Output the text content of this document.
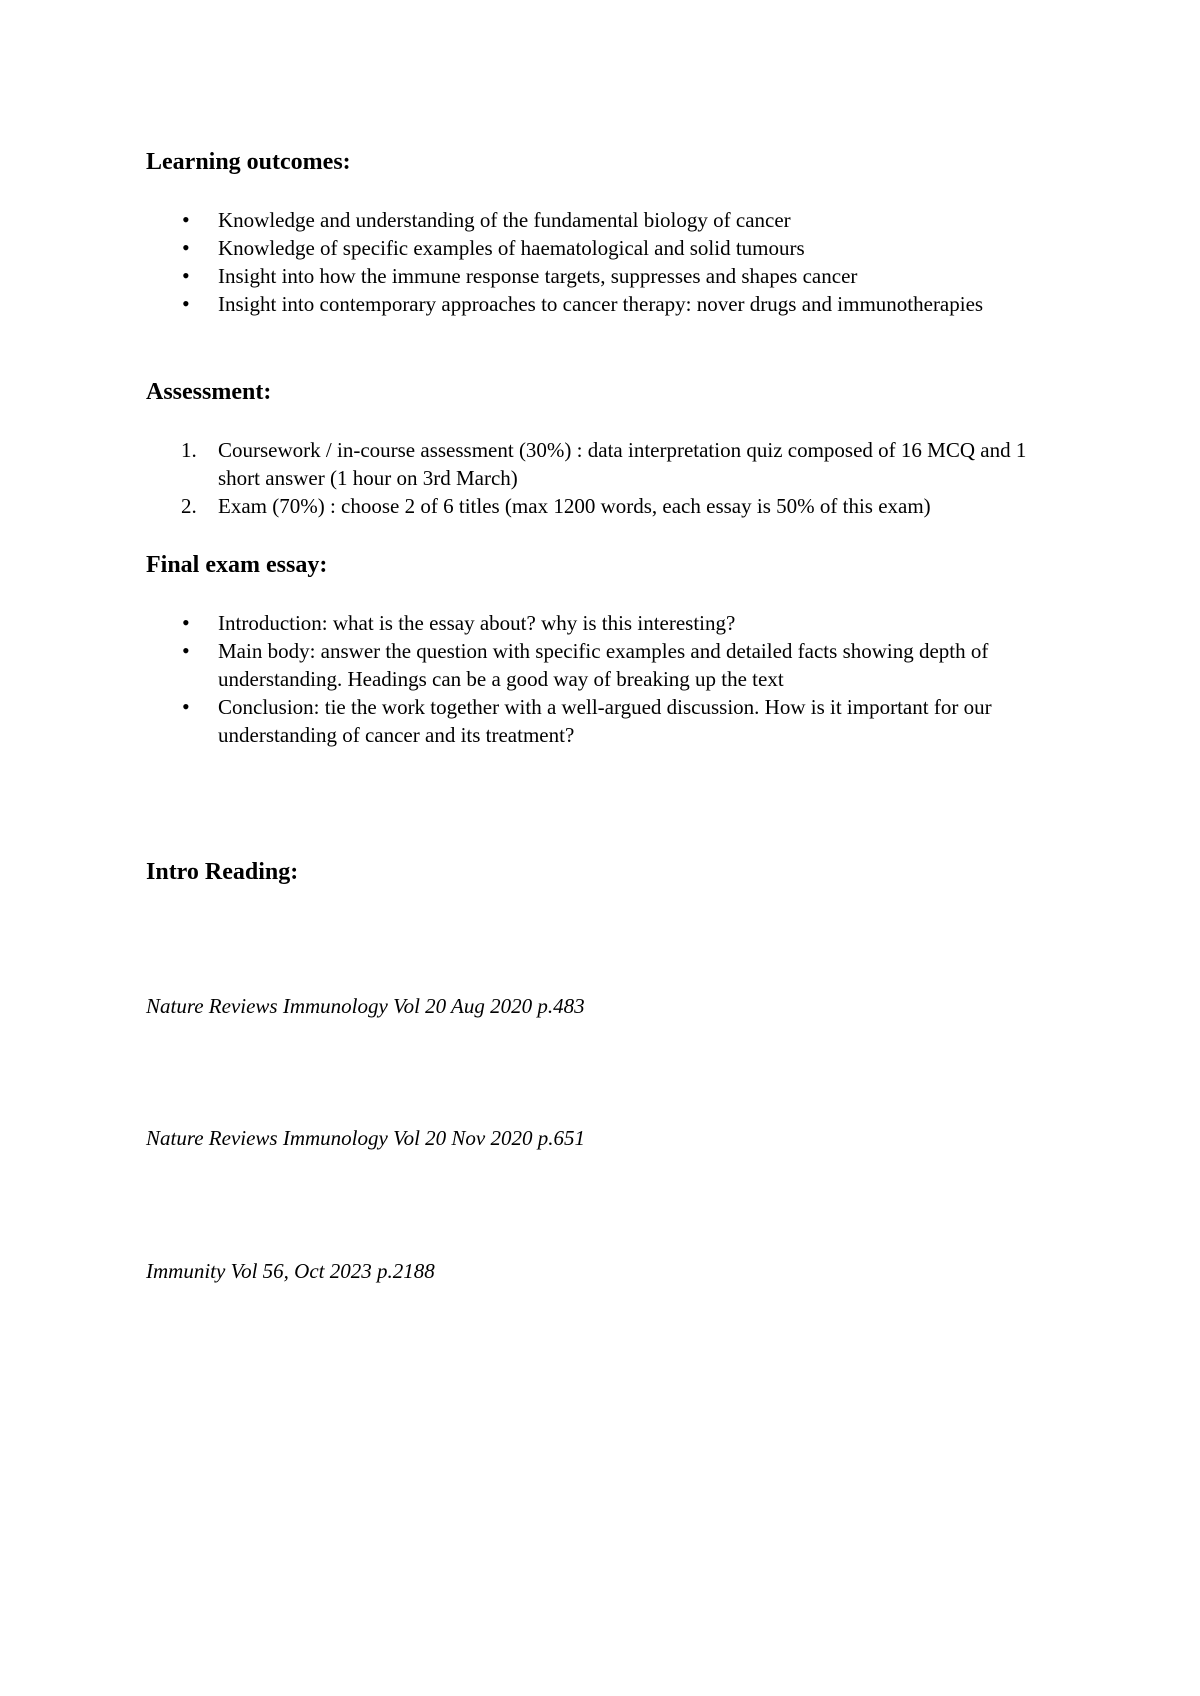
Learning outcomes:
• Knowledge and understanding of the fundamental biology of cancer
• Knowledge of specific examples of haematological and solid tumours
• Insight into how the immune response targets, suppresses and shapes cancer
• Insight into contemporary approaches to cancer therapy: nover drugs and immunotherapies
Assessment:
1. Coursework / in-course assessment (30%) : data interpretation quiz composed of 16 MCQ and 1 short answer (1 hour on 3rd March)
2. Exam (70%) : choose 2 of 6 titles (max 1200 words, each essay is 50% of this exam)
Final exam essay:
• Introduction: what is the essay about? why is this interesting?
• Main body: answer the question with specific examples and detailed facts showing depth of understanding. Headings can be a good way of breaking up the text
• Conclusion: tie the work together with a well-argued discussion. How is it important for our understanding of cancer and its treatment?
Intro Reading:

Nature Reviews Immunology Vol 20 Aug 2020 p.483

Nature Reviews Immunology Vol 20 Nov 2020 p.651

Immunity Vol 56, Oct 2023 p.2188
